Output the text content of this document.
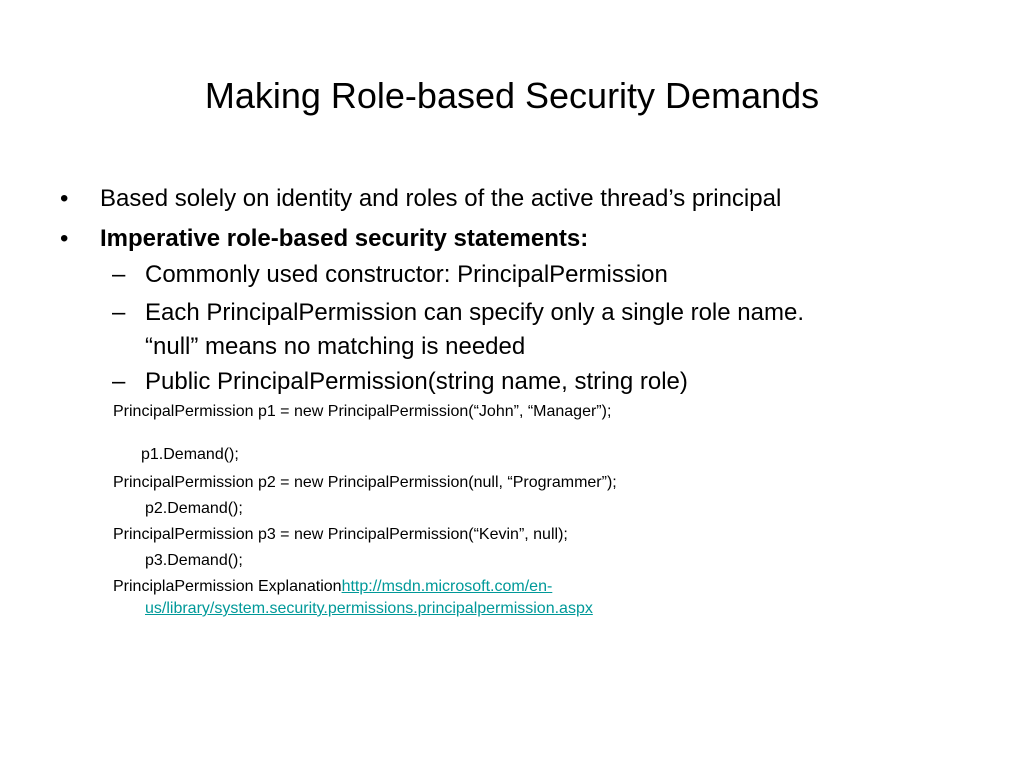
Making Role-based Security Demands
• Based solely on identity and roles of the active thread’s principal
• Imperative role-based security statements:
– Commonly used constructor: PrincipalPermission
– Each PrincipalPermission can specify only a single role name.
“null” means no matching is needed
– Public PrincipalPermission(string name, string role)
PrincipalPermission p1 = new PrincipalPermission(“John”, “Manager”);
p1.Demand();
PrincipalPermission p2 = new PrincipalPermission(null, “Programmer”);
p2.Demand();
PrincipalPermission p3 = new PrincipalPermission(“Kevin”, null);
p3.Demand();
PrinciplaPermission Explanationhttp://msdn.microsoft.com/en-
us/library/system.security.permissions.principalpermission.aspx
